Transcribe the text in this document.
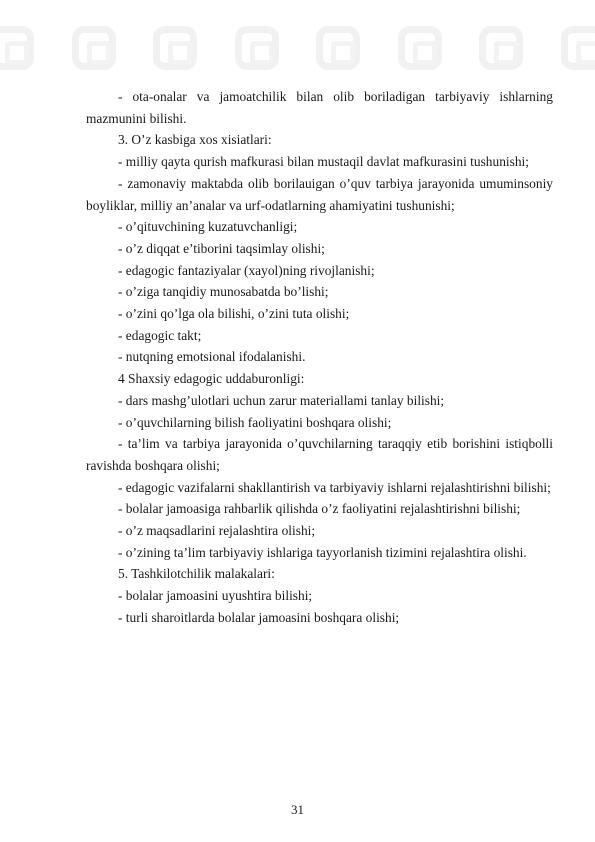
- ota-onalar va jamoatchilik bilan olib boriladigan tarbiyaviy ishlarning mazmunini bilishi.

3. O’z kasbiga xos xisiatlari:

- milliy qayta qurish mafkurasi bilan mustaqil davlat mafkurasini tushunishi;

- zamonaviy maktabda olib borilauigan o’quv tarbiya jarayonida umuminsoniy boyliklar, milliy an’analar va urf-odatlarning ahamiyatini tushunishi;

- o’qituvchining kuzatuvchanligi;

- o’z diqqat e’tiborini taqsimlay olishi;

- edagogic fantaziyalar (xayol)ning rivojlanishi;

- o’ziga tanqidiy munosabatda bo’lishi;

- o’zini qo’lga ola bilishi, o’zini tuta olishi;

- edagogic takt;

- nutqning emotsional ifodalanishi.

4 Shaxsiy edagogic uddaburonligi:

- dars mashg’ulotlari uchun zarur materiallami tanlay bilishi;

- o’quvchilarning bilish faoliyatini boshqara olishi;

- ta’lim va tarbiya jarayonida o’quvchilarning taraqqiy etib borishini istiqbolli ravishda boshqara olishi;

- edagogic vazifalarni shakllantirish va tarbiyaviy ishlarni rejalashtirishni bilishi;

- bolalar jamoasiga rahbarlik qilishda o’z faoliyatini rejalashtirishni bilishi;

- o’z maqsadlarini rejalashtira olishi;

- o’zining ta’lim tarbiyaviy ishlariga tayyorlanish tizimini rejalashtira olishi.

5. Tashkilotchilik malakalari:

- bolalar jamoasini uyushtira bilishi;

- turli sharoitlarda bolalar jamoasini boshqara olishi;

31
